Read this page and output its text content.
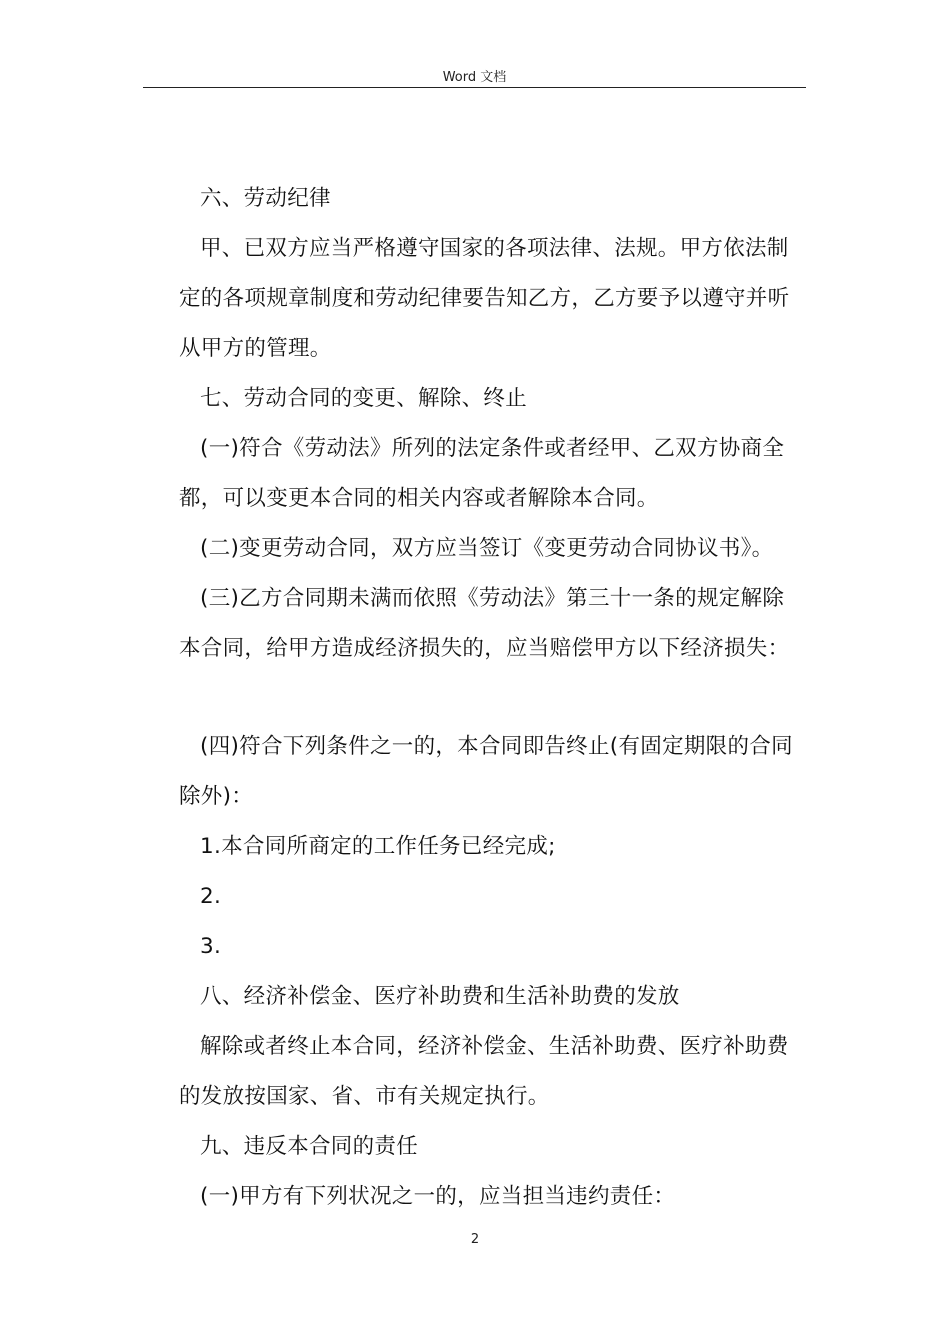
Word 文档

六、劳动纪律

甲、已双方应当严格遵守国家的各项法律、法规。甲方依法制定的各项规章制度和劳动纪律要告知乙方，乙方要予以遵守并听从甲方的管理。

七、劳动合同的变更、解除、终止

(一)符合《劳动法》所列的法定条件或者经甲、乙双方协商全都，可以变更本合同的相关内容或者解除本合同。

(二)变更劳动合同，双方应当签订《变更劳动合同协议书》。

(三)乙方合同期未满而依照《劳动法》第三十一条的规定解除本合同，给甲方造成经济损失的，应当赔偿甲方以下经济损失：

(四)符合下列条件之一的，本合同即告终止(有固定期限的合同除外)：

1.本合同所商定的工作任务已经完成;

2.

3.

八、经济补偿金、医疗补助费和生活补助费的发放

解除或者终止本合同，经济补偿金、生活补助费、医疗补助费的发放按国家、省、市有关规定执行。

九、违反本合同的责任

(一)甲方有下列状况之一的，应当担当违约责任：

2
